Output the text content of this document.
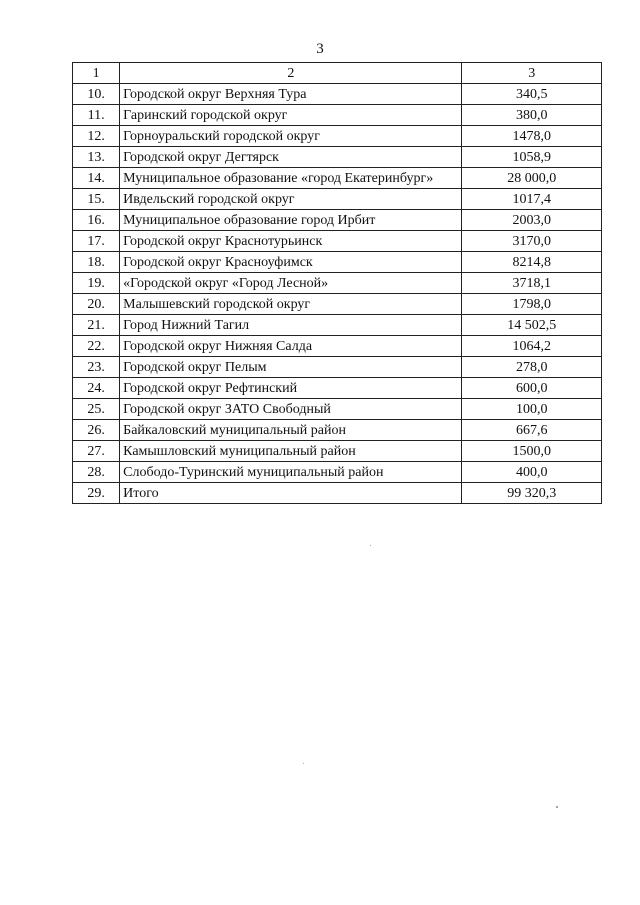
3
1	2	3
10.	Городской округ Верхняя Тура	340,5
11.	Гаринский городской округ	380,0
12.	Горноуральский городской округ	1478,0
13.	Городской округ Дегтярск	1058,9
14.	Муниципальное образование «город Екатеринбург»	28 000,0
15.	Ивдельский городской округ	1017,4
16.	Муниципальное образование город Ирбит	2003,0
17.	Городской округ Краснотурьинск	3170,0
18.	Городской округ Красноуфимск	8214,8
19.	«Городской округ «Город Лесной»	3718,1
20.	Малышевский городской округ	1798,0
21.	Город Нижний Тагил	14 502,5
22.	Городской округ Нижняя Салда	1064,2
23.	Городской округ Пелым	278,0
24.	Городской округ Рефтинский	600,0
25.	Городской округ ЗАТО Свободный	100,0
26.	Байкаловский муниципальный район	667,6
27.	Камышловский муниципальный район	1500,0
28.	Слободо-Туринский муниципальный район	400,0
29.	Итого	99 320,3
